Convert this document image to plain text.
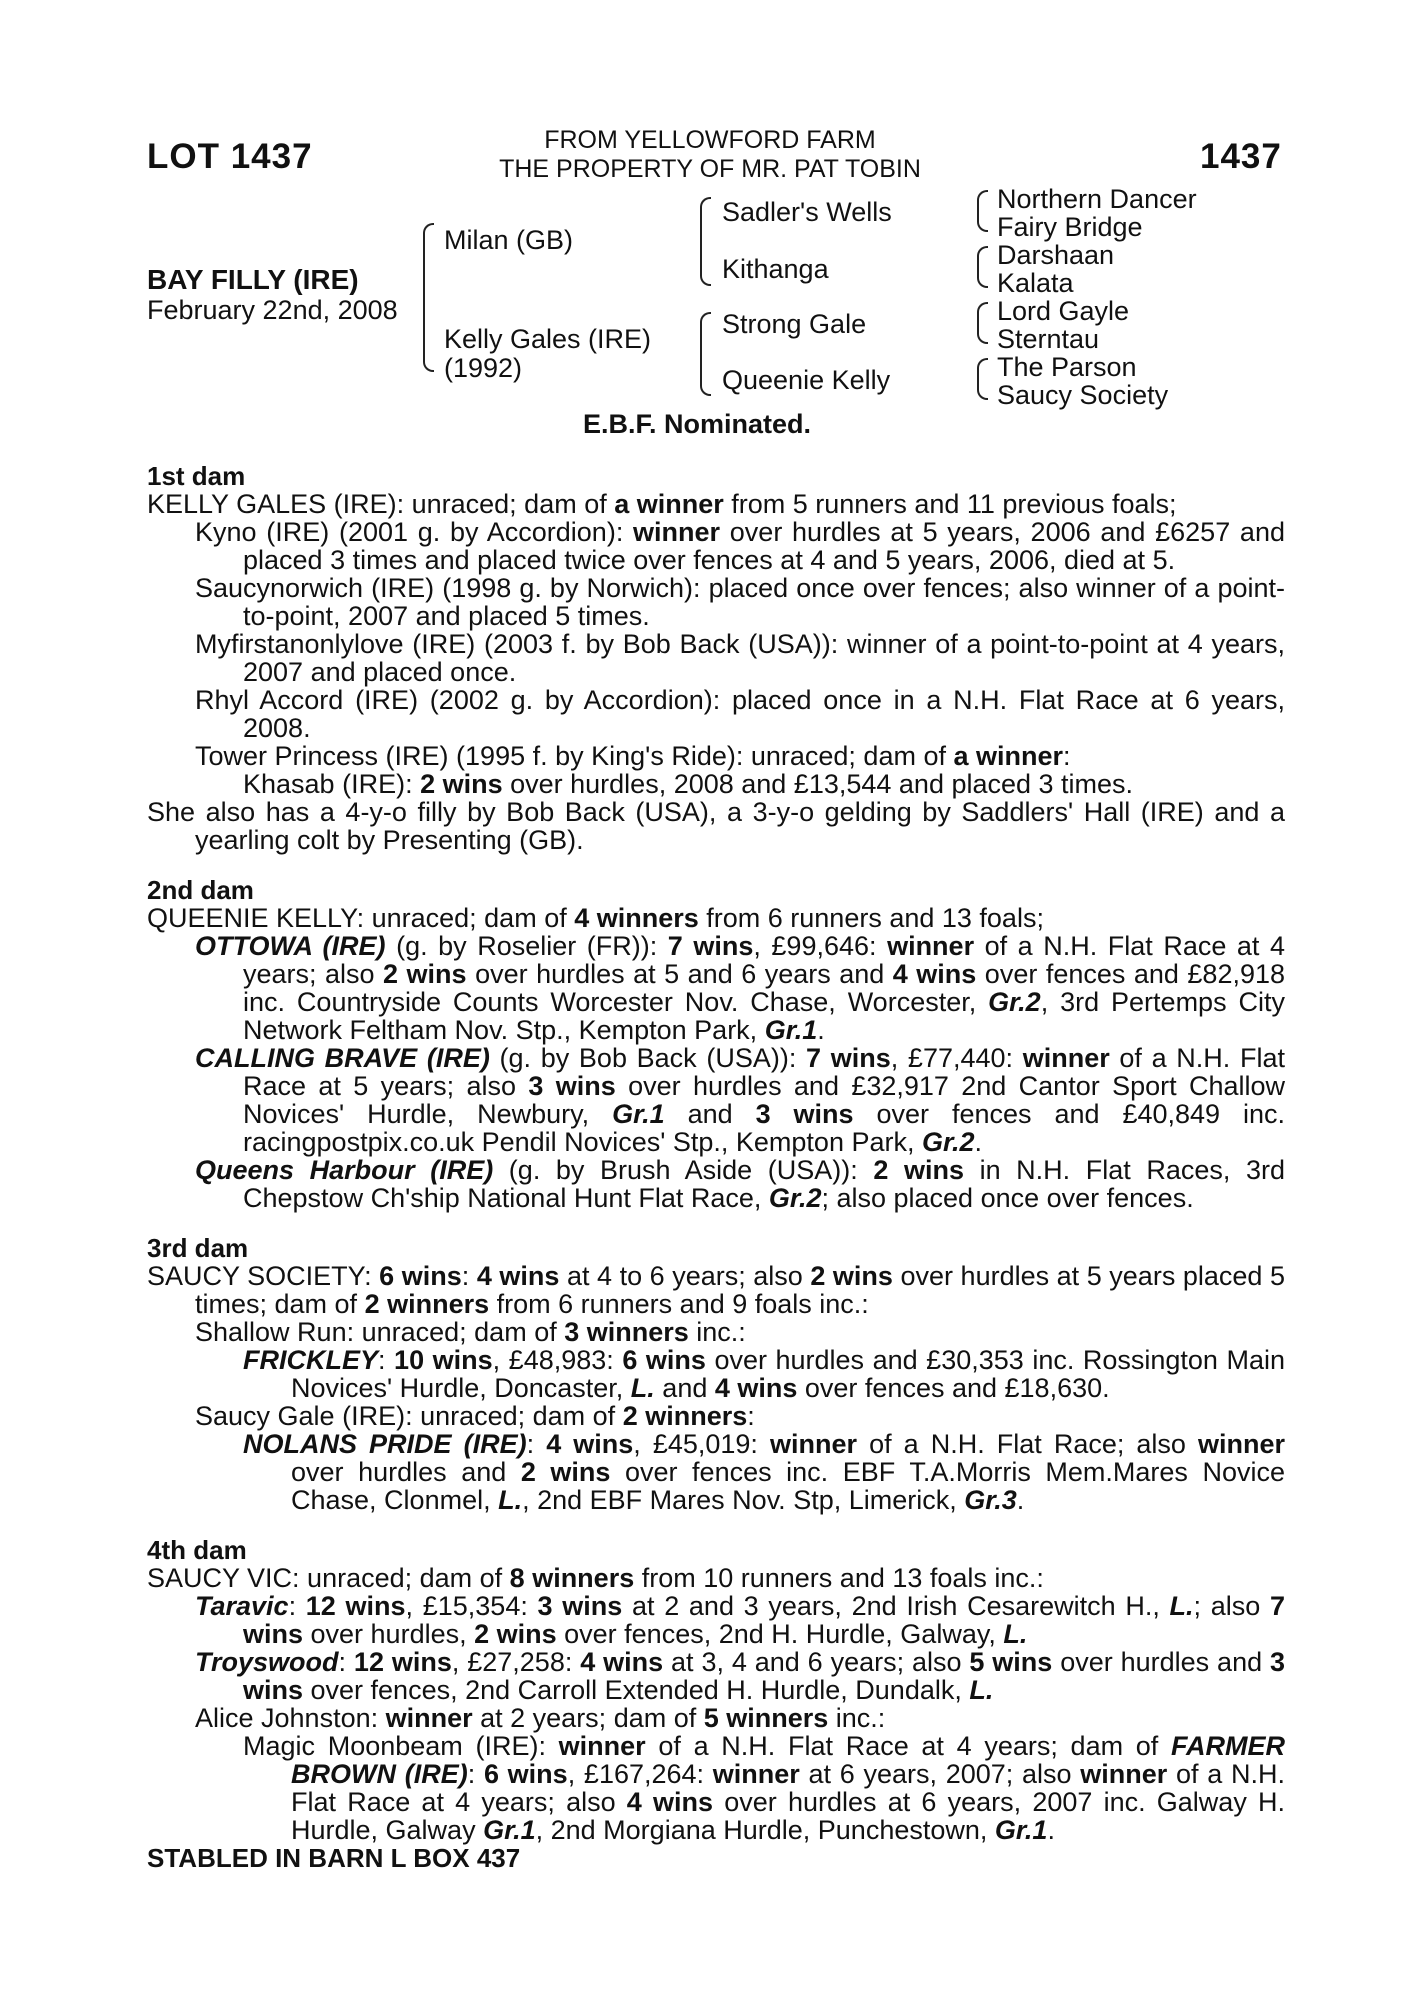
LOT 1437	1437
FROM YELLOWFORD FARM
THE PROPERTY OF MR. PAT TOBIN
BAY FILLY (IRE)
February 22nd, 2008
Milan (GB)
Kelly Gales (IRE)
(1992)
Sadler's Wells
Kithanga
Strong Gale
Queenie Kelly
Northern Dancer
Fairy Bridge
Darshaan
Kalata
Lord Gayle
Sterntau
The Parson
Saucy Society
E.B.F. Nominated.

1st dam

KELLY GALES (IRE): unraced; dam of a winner from 5 runners and 11 previous foals;

Kyno (IRE) (2001 g. by Accordion): winner over hurdles at 5 years, 2006 and £6257 and placed 3 times and placed twice over fences at 4 and 5 years, 2006, died at 5.

Saucynorwich (IRE) (1998 g. by Norwich): placed once over fences; also winner of a point-to-point, 2007 and placed 5 times.

Myfirstanonlylove (IRE) (2003 f. by Bob Back (USA)): winner of a point-to-point at 4 years, 2007 and placed once.

Rhyl Accord (IRE) (2002 g. by Accordion): placed once in a N.H. Flat Race at 6 years, 2008.

Tower Princess (IRE) (1995 f. by King's Ride): unraced; dam of a winner:

Khasab (IRE): 2 wins over hurdles, 2008 and £13,544 and placed 3 times.

She also has a 4-y-o filly by Bob Back (USA), a 3-y-o gelding by Saddlers' Hall (IRE) and a yearling colt by Presenting (GB).

2nd dam

QUEENIE KELLY: unraced; dam of 4 winners from 6 runners and 13 foals;

OTTOWA (IRE) (g. by Roselier (FR)): 7 wins, £99,646: winner of a N.H. Flat Race at 4 years; also 2 wins over hurdles at 5 and 6 years and 4 wins over fences and £82,918 inc. Countryside Counts Worcester Nov. Chase, Worcester, Gr.2, 3rd Pertemps City Network Feltham Nov. Stp., Kempton Park, Gr.1.

CALLING BRAVE (IRE) (g. by Bob Back (USA)): 7 wins, £77,440: winner of a N.H. Flat Race at 5 years; also 3 wins over hurdles and £32,917 2nd Cantor Sport Challow Novices' Hurdle, Newbury, Gr.1 and 3 wins over fences and £40,849 inc. racingpostpix.co.uk Pendil Novices' Stp., Kempton Park, Gr.2.

Queens Harbour (IRE) (g. by Brush Aside (USA)): 2 wins in N.H. Flat Races, 3rd Chepstow Ch'ship National Hunt Flat Race, Gr.2; also placed once over fences.

3rd dam

SAUCY SOCIETY: 6 wins: 4 wins at 4 to 6 years; also 2 wins over hurdles at 5 years placed 5 times; dam of 2 winners from 6 runners and 9 foals inc.:

Shallow Run: unraced; dam of 3 winners inc.:

FRICKLEY: 10 wins, £48,983: 6 wins over hurdles and £30,353 inc. Rossington Main Novices' Hurdle, Doncaster, L. and 4 wins over fences and £18,630.

Saucy Gale (IRE): unraced; dam of 2 winners:

NOLANS PRIDE (IRE): 4 wins, £45,019: winner of a N.H. Flat Race; also winner over hurdles and 2 wins over fences inc. EBF T.A.Morris Mem.Mares Novice Chase, Clonmel, L., 2nd EBF Mares Nov. Stp, Limerick, Gr.3.

4th dam

SAUCY VIC: unraced; dam of 8 winners from 10 runners and 13 foals inc.:

Taravic: 12 wins, £15,354: 3 wins at 2 and 3 years, 2nd Irish Cesarewitch H., L.; also 7 wins over hurdles, 2 wins over fences, 2nd H. Hurdle, Galway, L.

Troyswood: 12 wins, £27,258: 4 wins at 3, 4 and 6 years; also 5 wins over hurdles and 3 wins over fences, 2nd Carroll Extended H. Hurdle, Dundalk, L.

Alice Johnston: winner at 2 years; dam of 5 winners inc.:

Magic Moonbeam (IRE): winner of a N.H. Flat Race at 4 years; dam of FARMER BROWN (IRE): 6 wins, £167,264: winner at 6 years, 2007; also winner of a N.H. Flat Race at 4 years; also 4 wins over hurdles at 6 years, 2007 inc. Galway H. Hurdle, Galway Gr.1, 2nd Morgiana Hurdle, Punchestown, Gr.1.

STABLED IN BARN L BOX 437
